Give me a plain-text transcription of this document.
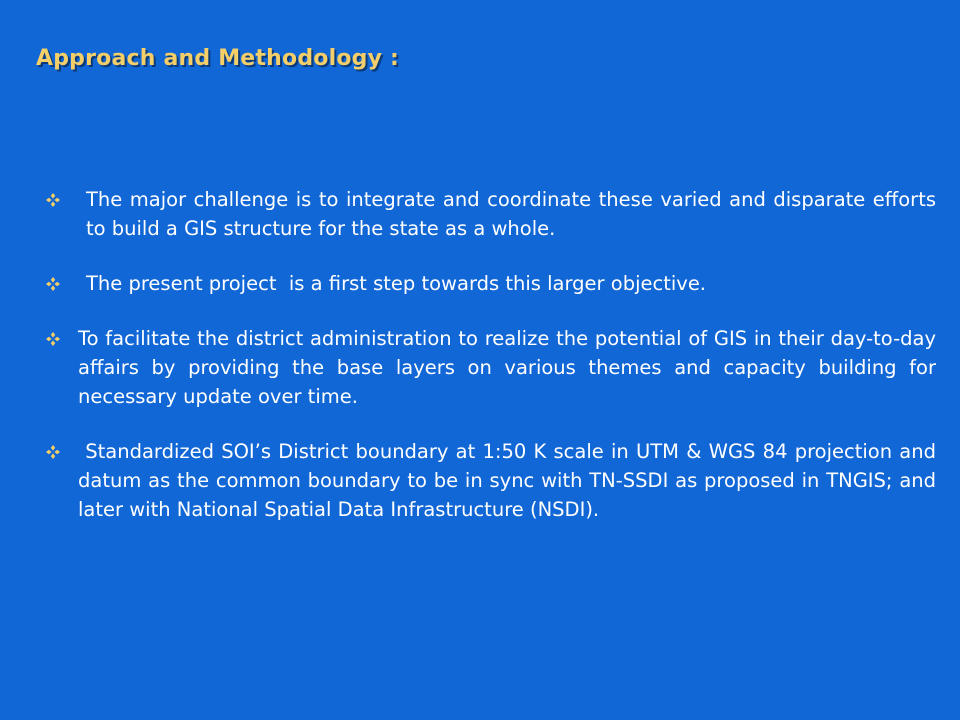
Approach and Methodology :
The major challenge is to integrate and coordinate these varied and disparate efforts to build a GIS structure for the state as a whole.
The present project  is a first step towards this larger objective.
To facilitate the district administration to realize the potential of GIS in their day-to-day affairs by providing the base layers on various themes and capacity building for necessary update over time.
Standardized SOI’s District boundary at 1:50 K scale in UTM & WGS 84 projection and datum as the common boundary to be in sync with TN-SSDI as proposed in TNGIS; and later with National Spatial Data Infrastructure (NSDI).
